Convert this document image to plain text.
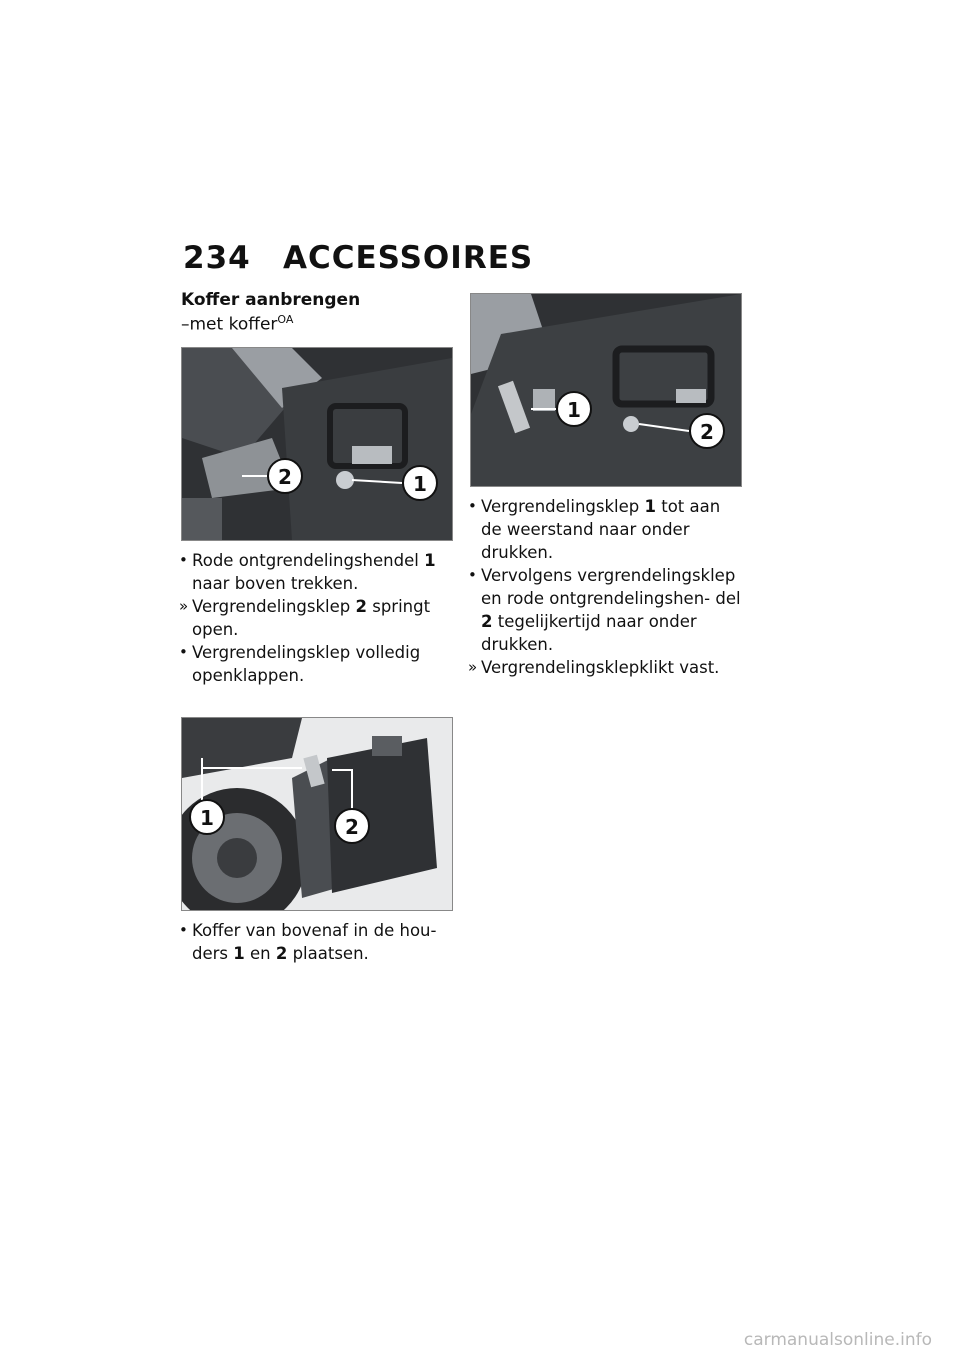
234 ACCESSOIRES
Koffer aanbrengen
–met koffer$^{OA}$
2	1
• Rode ontgrendelingshendel 1 naar boven trekken.
» Vergrendelingsklep 2 springt open.
• Vergrendelingsklep volledig openklappen.
1	2
• Koffer van bovenaf in de hou- ders 1 en 2 plaatsen.
1
2
• Vergrendelingsklep 1 tot aan de weerstand naar onder drukken.
• Vervolgens vergrendelingsklep en rode ontgrendelingshen- del 2 tegelijkertijd naar onder drukken.
» Vergrendelingsklepklikt vast.
carmanualsonline.info
